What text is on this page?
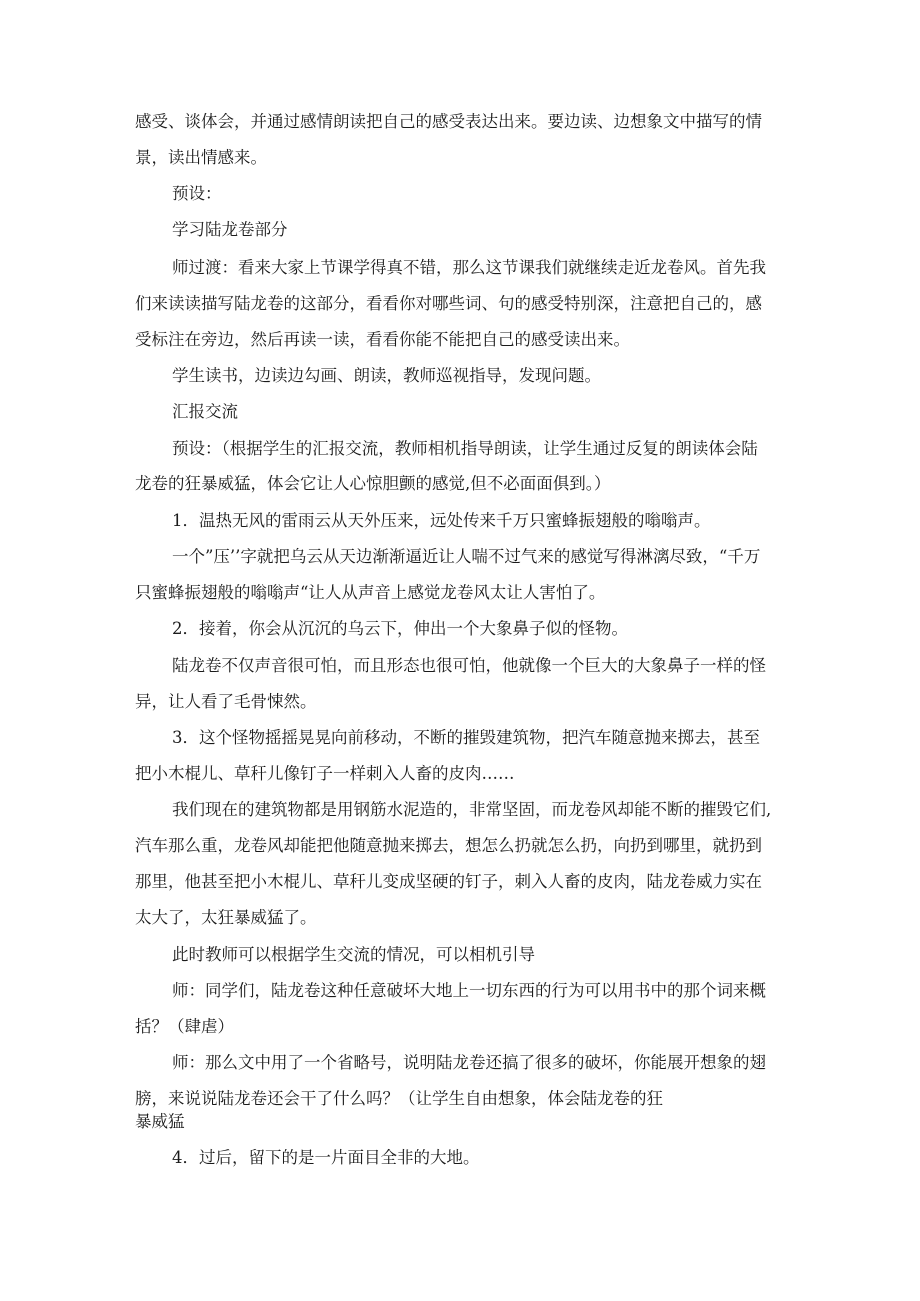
感受、谈体会，并通过感情朗读把自己的感受表达出来。要边读、边想象文中描写的情
景，读出情感来。
预设：
学习陆龙卷部分
师过渡：看来大家上节课学得真不错，那么这节课我们就继续走近龙卷风。首先我
们来读读描写陆龙卷的这部分，看看你对哪些词、句的感受特别深，注意把自己的，感
受标注在旁边，然后再读一读，看看你能不能把自己的感受读出来。
学生读书，边读边勾画、朗读，教师巡视指导，发现问题。
汇报交流
预设：（根据学生的汇报交流，教师相机指导朗读，让学生通过反复的朗读体会陆
龙卷的狂暴威猛，体会它让人心惊胆颤的感觉,但不必面面俱到。）
1．温热无风的雷雨云从天外压来，远处传来千万只蜜蜂振翅般的嗡嗡声。
一个”压’’字就把乌云从天边渐渐逼近让人喘不过气来的感觉写得淋漓尽致，“千万
只蜜蜂振翅般的嗡嗡声“让人从声音上感觉龙卷风太让人害怕了。
2．接着，你会从沉沉的乌云下，伸出一个大象鼻子似的怪物。
陆龙卷不仅声音很可怕，而且形态也很可怕，他就像一个巨大的大象鼻子一样的怪
异，让人看了毛骨悚然。
3．这个怪物摇摇晃晃向前移动，不断的摧毁建筑物，把汽车随意抛来掷去，甚至
把小木棍儿、草秆儿像钉子一样刺入人畜的皮肉……
我们现在的建筑物都是用钢筋水泥造的，非常坚固，而龙卷风却能不断的摧毁它们,
汽车那么重，龙卷风却能把他随意抛来掷去，想怎么扔就怎么扔，向扔到哪里，就扔到
那里，他甚至把小木棍儿、草秆儿变成坚硬的钉子，刺入人畜的皮肉，陆龙卷威力实在
太大了，太狂暴威猛了。
此时教师可以根据学生交流的情况，可以相机引导
师：同学们，陆龙卷这种任意破坏大地上一切东西的行为可以用书中的那个词来概
括？（肆虐）
师：那么文中用了一个省略号，说明陆龙卷还搞了很多的破坏，你能展开想象的翅
膀，来说说陆龙卷还会干了什么吗？（让学生自由想象，体会陆龙卷的狂
暴威猛
4．过后，留下的是一片面目全非的大地。
